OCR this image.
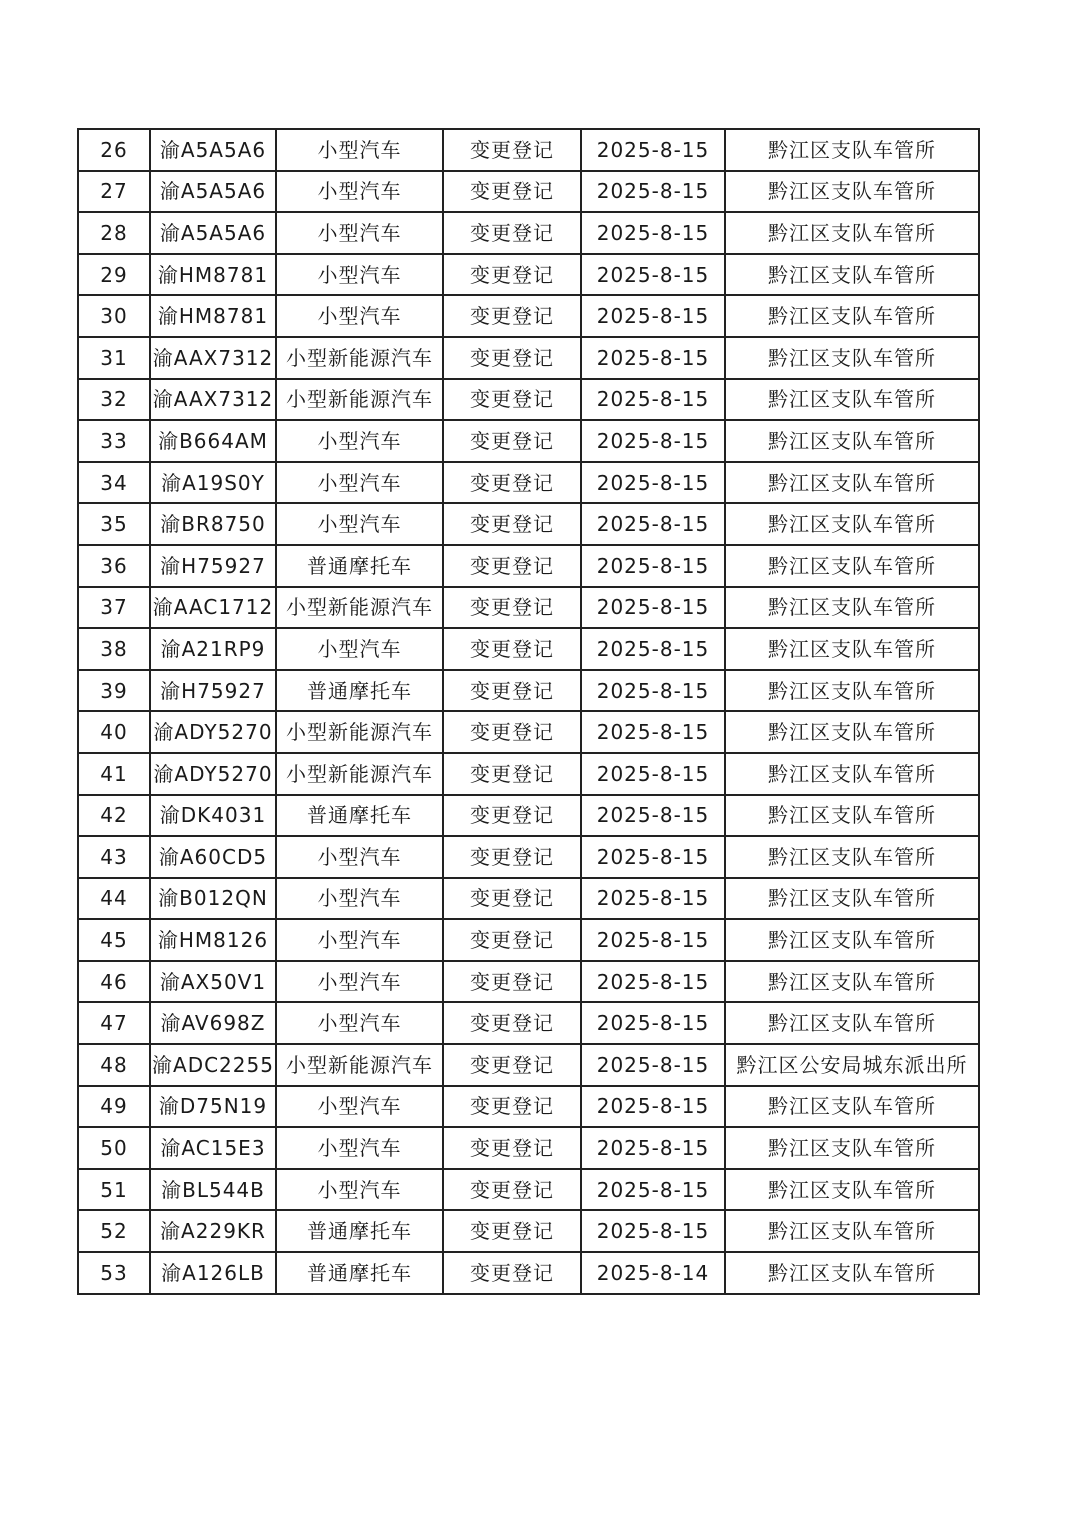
26	渝A5A5A6	小型汽车	变更登记	2025-8-15	黔江区支队车管所
27	渝A5A5A6	小型汽车	变更登记	2025-8-15	黔江区支队车管所
28	渝A5A5A6	小型汽车	变更登记	2025-8-15	黔江区支队车管所
29	渝HM8781	小型汽车	变更登记	2025-8-15	黔江区支队车管所
30	渝HM8781	小型汽车	变更登记	2025-8-15	黔江区支队车管所
31	渝AAX7312	小型新能源汽车	变更登记	2025-8-15	黔江区支队车管所
32	渝AAX7312	小型新能源汽车	变更登记	2025-8-15	黔江区支队车管所
33	渝B664AM	小型汽车	变更登记	2025-8-15	黔江区支队车管所
34	渝A19S0Y	小型汽车	变更登记	2025-8-15	黔江区支队车管所
35	渝BR8750	小型汽车	变更登记	2025-8-15	黔江区支队车管所
36	渝H75927	普通摩托车	变更登记	2025-8-15	黔江区支队车管所
37	渝AAC1712	小型新能源汽车	变更登记	2025-8-15	黔江区支队车管所
38	渝A21RP9	小型汽车	变更登记	2025-8-15	黔江区支队车管所
39	渝H75927	普通摩托车	变更登记	2025-8-15	黔江区支队车管所
40	渝ADY5270	小型新能源汽车	变更登记	2025-8-15	黔江区支队车管所
41	渝ADY5270	小型新能源汽车	变更登记	2025-8-15	黔江区支队车管所
42	渝DK4031	普通摩托车	变更登记	2025-8-15	黔江区支队车管所
43	渝A60CD5	小型汽车	变更登记	2025-8-15	黔江区支队车管所
44	渝B012QN	小型汽车	变更登记	2025-8-15	黔江区支队车管所
45	渝HM8126	小型汽车	变更登记	2025-8-15	黔江区支队车管所
46	渝AX50V1	小型汽车	变更登记	2025-8-15	黔江区支队车管所
47	渝AV698Z	小型汽车	变更登记	2025-8-15	黔江区支队车管所
48	渝ADC2255	小型新能源汽车	变更登记	2025-8-15	黔江区公安局城东派出所
49	渝D75N19	小型汽车	变更登记	2025-8-15	黔江区支队车管所
50	渝AC15E3	小型汽车	变更登记	2025-8-15	黔江区支队车管所
51	渝BL544B	小型汽车	变更登记	2025-8-15	黔江区支队车管所
52	渝A229KR	普通摩托车	变更登记	2025-8-15	黔江区支队车管所
53	渝A126LB	普通摩托车	变更登记	2025-8-14	黔江区支队车管所
